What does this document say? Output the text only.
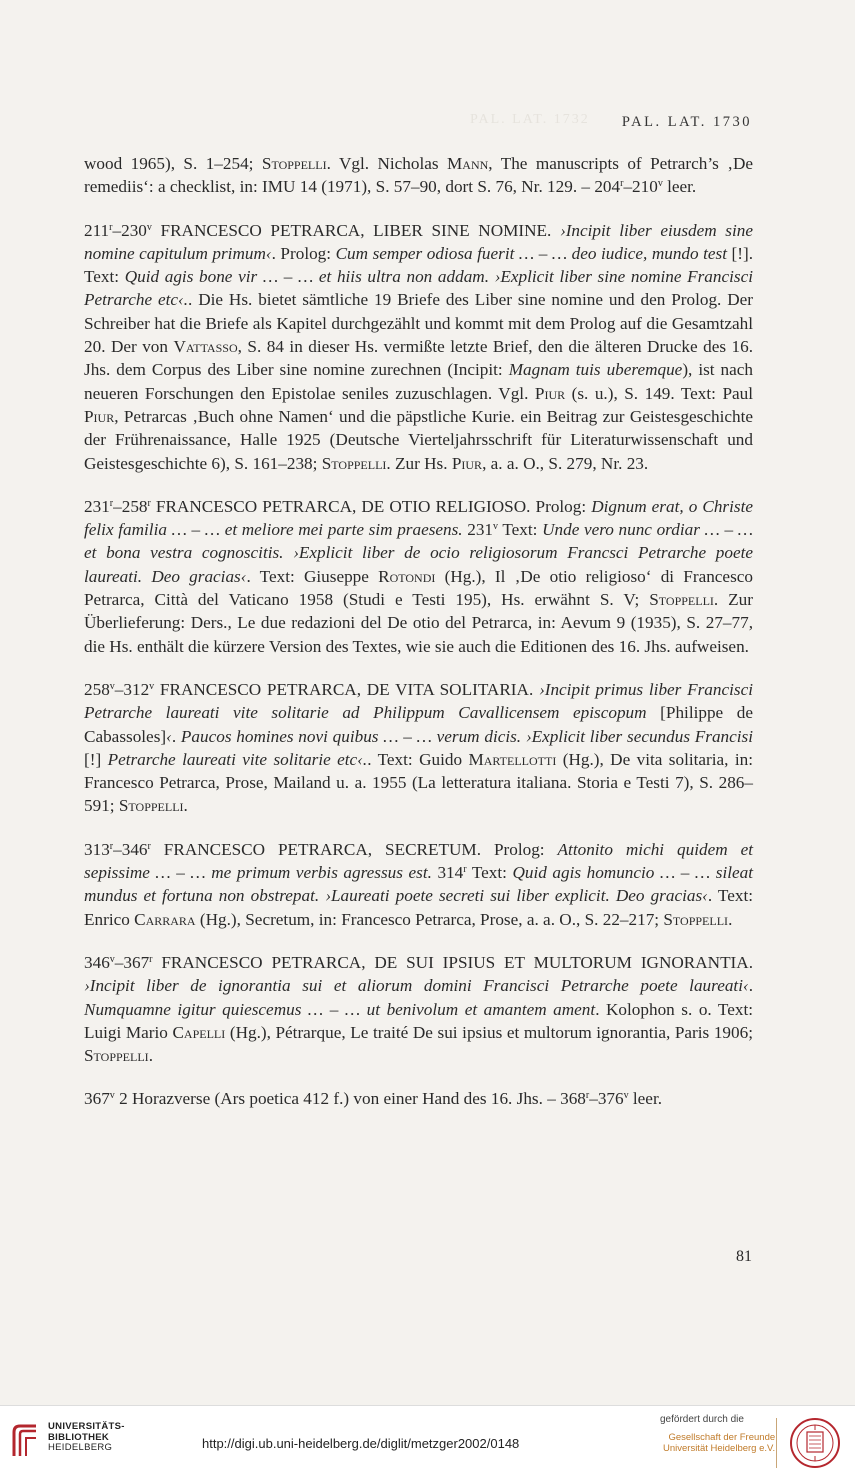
PAL. LAT. 1732 PAL. LAT. 1730

wood 1965), S. 1–254; Stoppelli. Vgl. Nicholas Mann, The manuscripts of Petrarch’s ‚De remediis‘: a checklist, in: IMU 14 (1971), S. 57–90, dort S. 76, Nr. 129. – 204$^r$–210$^v$ leer.

211$^r$–230$^v$ FRANCESCO PETRARCA, LIBER SINE NOMINE. ›Incipit liber eiusdem sine nomine capitulum primum‹. Prolog: Cum semper odiosa fuerit … – … deo iudice, mundo test [!]. Text: Quid agis bone vir … – … et hiis ultra non addam. ›Explicit liber sine nomine Francisci Petrarche etc‹.. Die Hs. bietet sämtliche 19 Briefe des Liber sine nomine und den Prolog. Der Schreiber hat die Briefe als Kapitel durchgezählt und kommt mit dem Prolog auf die Gesamtzahl 20. Der von Vattasso, S. 84 in dieser Hs. vermißte letzte Brief, den die älteren Drucke des 16. Jhs. dem Corpus des Liber sine nomine zurechnen (Incipit: Magnam tuis uberemque), ist nach neueren Forschungen den Epistolae seniles zuzuschlagen. Vgl. Piur (s. u.), S. 149. Text: Paul Piur, Petrarcas ‚Buch ohne Namen‘ und die päpstliche Kurie. ein Beitrag zur Geistesgeschichte der Frührenaissance, Halle 1925 (Deutsche Vierteljahrsschrift für Literaturwissenschaft und Geistesgeschichte 6), S. 161–238; Stoppelli. Zur Hs. Piur, a. a. O., S. 279, Nr. 23.

231$^r$–258$^r$ FRANCESCO PETRARCA, DE OTIO RELIGIOSO. Prolog: Dignum erat, o Christe felix familia … – … et meliore mei parte sim praesens. 231$^v$ Text: Unde vero nunc ordiar … – … et bona vestra cognoscitis. ›Explicit liber de ocio religiosorum Francsci Petrarche poete laureati. Deo gracias‹. Text: Giuseppe Rotondi (Hg.), Il ‚De otio religioso‘ di Francesco Petrarca, Città del Vaticano 1958 (Studi e Testi 195), Hs. erwähnt S. V; Stoppelli. Zur Überlieferung: Ders., Le due redazioni del De otio del Petrarca, in: Aevum 9 (1935), S. 27–77, die Hs. enthält die kürzere Version des Textes, wie sie auch die Editionen des 16. Jhs. aufweisen.

258$^v$–312$^v$ FRANCESCO PETRARCA, DE VITA SOLITARIA. ›Incipit primus liber Francisci Petrarche laureati vite solitarie ad Philippum Cavallicensem episcopum [Philippe de Cabassoles]‹. Paucos homines novi quibus … – … verum dicis. ›Explicit liber secundus Francisi [!] Petrarche laureati vite solitarie etc‹.. Text: Guido Martellotti (Hg.), De vita solitaria, in: Francesco Petrarca, Prose, Mailand u. a. 1955 (La letteratura italiana. Storia e Testi 7), S. 286–591; Stoppelli.

313$^r$–346$^r$ FRANCESCO PETRARCA, SECRETUM. Prolog: Attonito michi quidem et sepissime … – … me primum verbis agressus est. 314$^r$ Text: Quid agis homuncio … – … sileat mundus et fortuna non obstrepat. ›Laureati poete secreti sui liber explicit. Deo gracias‹. Text: Enrico Carrara (Hg.), Secretum, in: Francesco Petrarca, Prose, a. a. O., S. 22–217; Stoppelli.

346$^v$–367$^r$ FRANCESCO PETRARCA, DE SUI IPSIUS ET MULTORUM IGNORANTIA. ›Incipit liber de ignorantia sui et aliorum domini Francisci Petrarche poete laureati‹. Numquamne igitur quiescemus … – … ut benivolum et amantem ament. Kolophon s. o. Text: Luigi Mario Capelli (Hg.), Pétrarque, Le traité De sui ipsius et multorum ignorantia, Paris 1906; Stoppelli.

367$^v$ 2 Horazverse (Ars poetica 412 f.) von einer Hand des 16. Jhs. – 368$^r$–376$^v$ leer.

81
UNIVERSITÄTS-
BIBLIOTHEK
HEIDELBERG	http://digi.ub.uni-heidelberg.de/diglit/metzger2002/0148
gefördert durch die
Gesellschaft der Freunde
Universität Heidelberg e.V.
